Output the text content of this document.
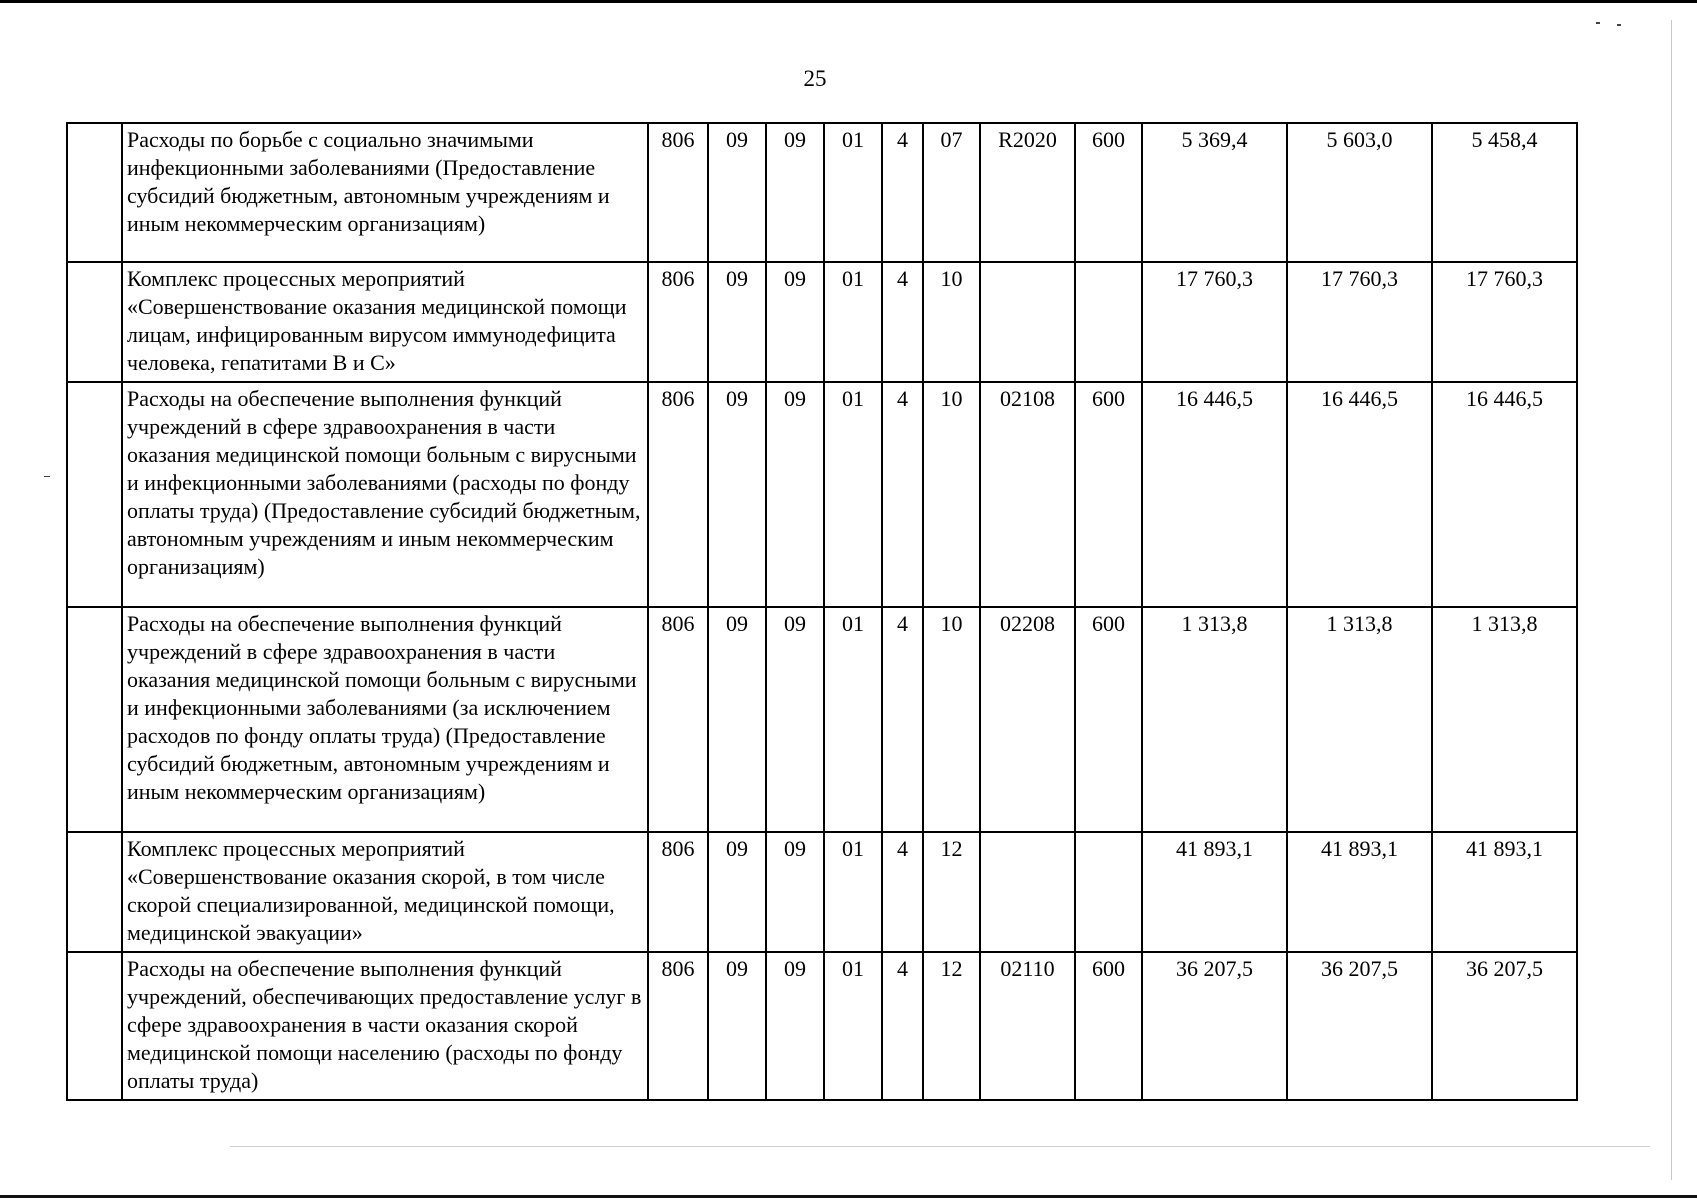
25
	Расходы по борьбе с социально значимыми инфекционными заболеваниями (Предоставление субсидий бюджетным, автономным учреждениям и иным некоммерческим организациям)	806	09	09	01	4	07	R2020	600	5 369,4	5 603,0	5 458,4
	Комплекс процессных мероприятий «Совершенствование оказания медицинской помощи лицам, инфицированным вирусом иммунодефицита человека, гепатитами В и С»	806	09	09	01	4	10			17 760,3	17 760,3	17 760,3
	Расходы на обеспечение выполнения функций учреждений в сфере здравоохранения в части оказания медицинской помощи больным с вирусными и инфекционными заболеваниями (расходы по фонду оплаты труда) (Предоставление субсидий бюджетным, автономным учреждениям и иным некоммерческим организациям)	806	09	09	01	4	10	02108	600	16 446,5	16 446,5	16 446,5
	Расходы на обеспечение выполнения функций учреждений в сфере здравоохранения в части оказания медицинской помощи больным с вирусными и инфекционными заболеваниями (за исключением расходов по фонду оплаты труда) (Предоставление субсидий бюджетным, автономным учреждениям и иным некоммерческим организациям)	806	09	09	01	4	10	02208	600	1 313,8	1 313,8	1 313,8
	Комплекс процессных мероприятий «Совершенствование оказания скорой, в том числе скорой специализированной, медицинской помощи, медицинской эвакуации»	806	09	09	01	4	12			41 893,1	41 893,1	41 893,1
	Расходы на обеспечение выполнения функций учреждений, обеспечивающих предоставление услуг в сфере здравоохранения в части оказания скорой медицинской помощи населению (расходы по фонду оплаты труда)	806	09	09	01	4	12	02110	600	36 207,5	36 207,5	36 207,5
